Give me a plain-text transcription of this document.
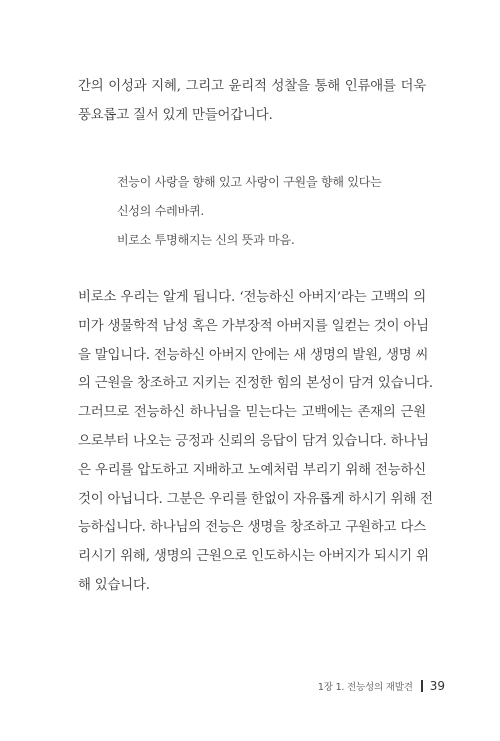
간의 이성과 지혜, 그리고 윤리적 성찰을 통해 인류애를 더욱
풍요롭고 질서 있게 만들어갑니다.

전능이 사랑을 향해 있고 사랑이 구원을 향해 있다는
신성의 수레바퀴.
비로소 투명해지는 신의 뜻과 마음.

비로소 우리는 알게 됩니다. ‘전능하신 아버지’라는 고백의 의
미가 생물학적 남성 혹은 가부장적 아버지를 일컫는 것이 아님
을 말입니다. 전능하신 아버지 안에는 새 생명의 발원, 생명 씨
의 근원을 창조하고 지키는 진정한 힘의 본성이 담겨 있습니다.
그러므로 전능하신 하나님을 믿는다는 고백에는 존재의 근원
으로부터 나오는 긍정과 신뢰의 응답이 담겨 있습니다. 하나님
은 우리를 압도하고 지배하고 노예처럼 부리기 위해 전능하신
것이 아닙니다. 그분은 우리를 한없이 자유롭게 하시기 위해 전
능하십니다. 하나님의 전능은 생명을 창조하고 구원하고 다스
리시기 위해, 생명의 근원으로 인도하시는 아버지가 되시기 위
해 있습니다.

1장 1. 전능성의 재발견 39
